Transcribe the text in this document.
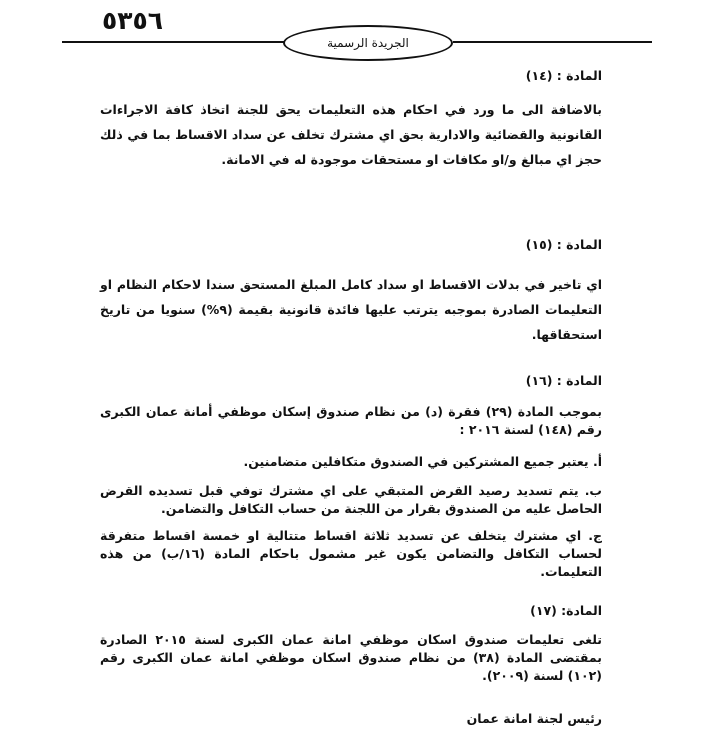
٥٣٥٦
الجريدة الرسمية
المادة : (١٤)
بالاضافة الى ما ورد في احكام هذه التعليمات يحق للجنة اتخاذ كافة الاجراءات القانونية والقضائية والادارية بحق اي مشترك تخلف عن سداد الاقساط بما في ذلك حجز اي مبالغ و/او مكافات او مستحقات موجودة له في الامانة.
المادة : (١٥)
اي تاخير في بدلات الاقساط او سداد كامل المبلغ المستحق سندا لاحكام النظام او التعليمات الصادرة بموجبه يترتب عليها فائدة قانونية بقيمة (٩%) سنويا من تاريخ استحقاقها.
المادة : (١٦)
بموجب المادة (٢٩) فقرة (د) من نظام صندوق إسكان موظفي أمانة عمان الكبرى رقم (١٤٨) لسنة ٢٠١٦ :
أ. يعتبر جميع المشتركين في الصندوق متكافلين متضامنين.
ب. يتم تسديد رصيد القرض المتبقي على اي مشترك توفي قبل تسديده القرض الحاصل عليه من الصندوق بقرار من اللجنة من حساب التكافل والتضامن.
ج. اي مشترك يتخلف عن تسديد ثلاثة اقساط متتالية او خمسة اقساط متفرقة لحساب التكافل والتضامن يكون غير مشمول باحكام المادة (١٦/ب) من هذه التعليمات.
المادة: (١٧)
تلغى تعليمات صندوق اسكان موظفي امانة عمان الكبرى لسنة ٢٠١٥ الصادرة بمقتضى المادة (٣٨) من نظام صندوق اسكان موظفي امانة عمان الكبرى رقم (١٠٢) لسنة (٢٠٠٩).
رئيس لجنة امانة عمان
